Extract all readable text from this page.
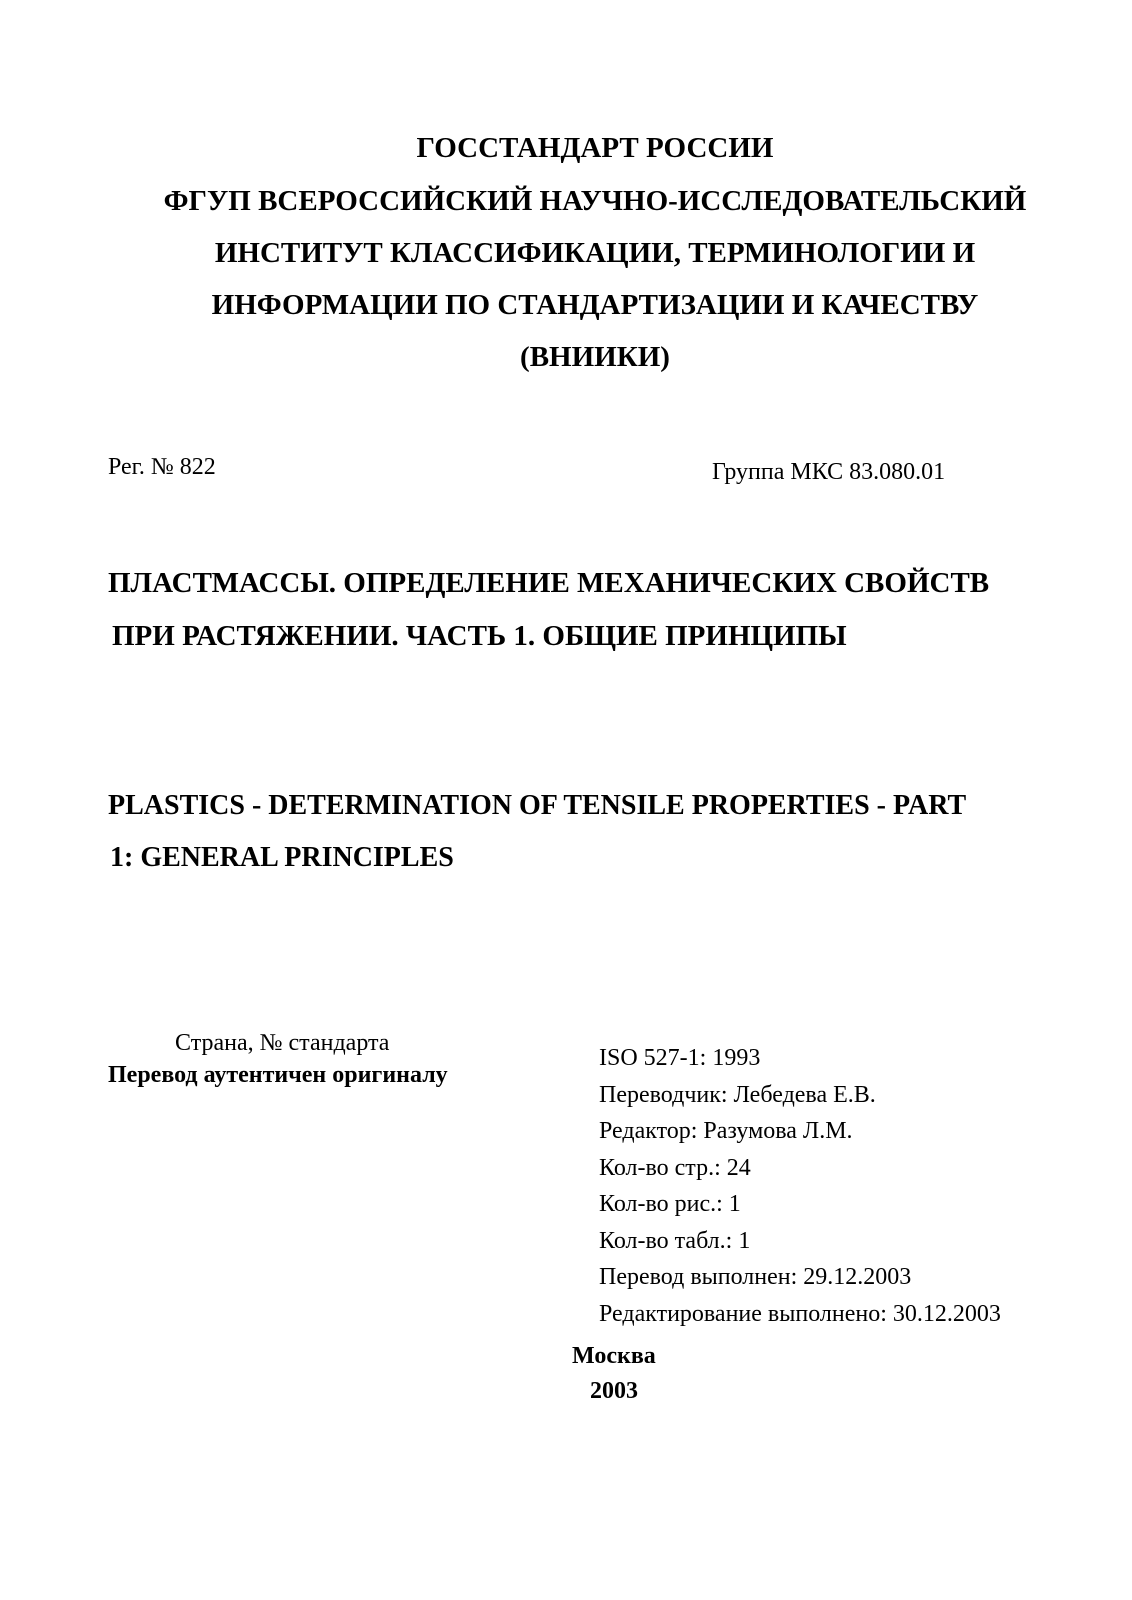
ГОССТАНДАРТ РОССИИ
ФГУП ВСЕРОССИЙСКИЙ НАУЧНО-ИССЛЕДОВАТЕЛЬСКИЙ
ИНСТИТУТ КЛАССИФИКАЦИИ, ТЕРМИНОЛОГИИ И
ИНФОРМАЦИИ ПО СТАНДАРТИЗАЦИИ И КАЧЕСТВУ
(ВНИИКИ)
Рег. № 822	Группа МКС 83.080.01
ПЛАСТМАССЫ. ОПРЕДЕЛЕНИЕ МЕХАНИЧЕСКИХ СВОЙСТВ
ПРИ РАСТЯЖЕНИИ. ЧАСТЬ 1. ОБЩИЕ ПРИНЦИПЫ
PLASTICS - DETERMINATION OF TENSILE PROPERTIES - PART
1: GENERAL PRINCIPLES
Страна, № стандарта
Перевод аутентичен оригиналу
ISO 527-1: 1993
Переводчик: Лебедева Е.В.
Редактор: Разумова Л.М.
Кол-во стр.: 24
Кол-во рис.: 1
Кол-во табл.: 1
Перевод выполнен: 29.12.2003
Редактирование выполнено: 30.12.2003
Москва
2003
